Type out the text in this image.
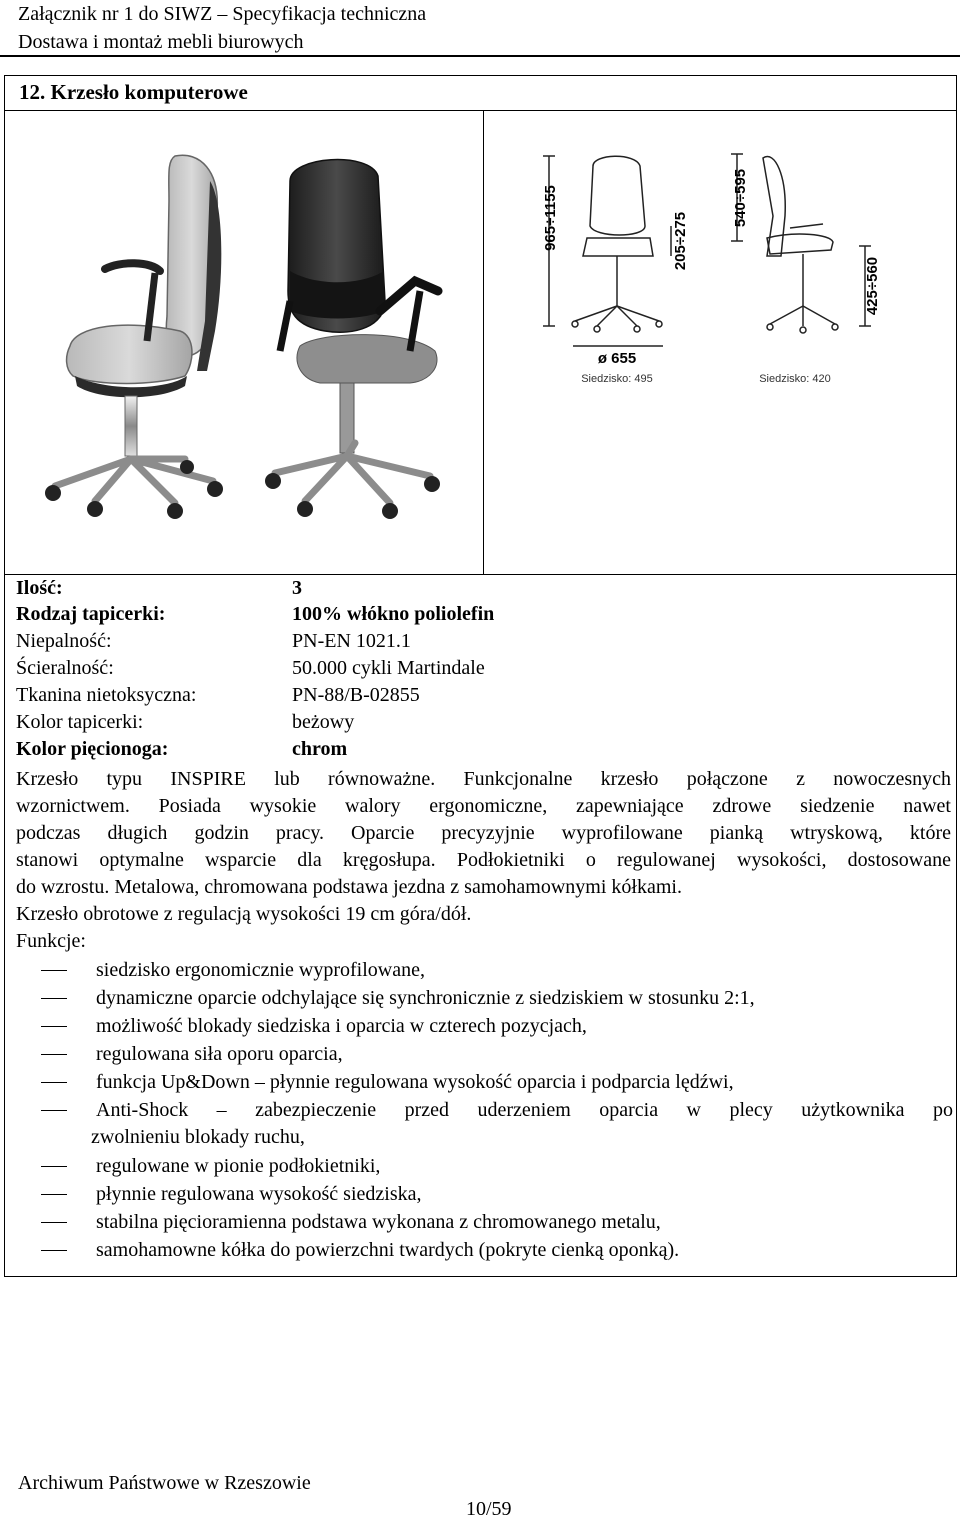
Załącznik nr 1 do SIWZ – Specyfikacja techniczna
Dostawa i montaż mebli biurowych
12. Krzesło komputerowe
965÷1155	205÷275
ø 655
Siedzisko: 495
540÷595
425÷560
Siedzisko: 420
Ilość:	3
Rodzaj tapicerki:	100% włókno poliolefin
Niepalność:	PN-EN 1021.1
Ścieralność:	50.000 cykli Martindale
Tkanina nietoksyczna:	PN-88/B-02855
Kolor tapicerki:	beżowy
Kolor pięcionoga:	chrom
Krzesło typu INSPIRE lub równoważne. Funkcjonalne krzesło połączone z nowoczesnych
wzornictwem. Posiada wysokie walory ergonomiczne, zapewniające zdrowe siedzenie nawet
podczas długich godzin pracy. Oparcie precyzyjnie wyprofilowane pianką wtryskową, które
stanowi optymalne wsparcie dla kręgosłupa. Podłokietniki o regulowanej wysokości, dostosowane
do wzrostu. Metalowa, chromowana podstawa jezdna z samohamownymi kółkami.
Krzesło obrotowe z regulacją wysokości 19 cm góra/dół.
Funkcje:
siedzisko ergonomicznie wyprofilowane,
dynamiczne oparcie odchylające się synchronicznie z siedziskiem w stosunku 2:1,
możliwość blokady siedziska i oparcia w czterech pozycjach,
regulowana siła oporu oparcia,
funkcja Up&Down – płynnie regulowana wysokość oparcia i podparcia lędźwi,
Anti-Shock – zabezpieczenie przed uderzeniem oparcia w plecy użytkownika po
zwolnieniu blokady ruchu,
regulowane w pionie podłokietniki,
płynnie regulowana wysokość siedziska,
stabilna pięcioramienna podstawa wykonana z chromowanego metalu,
samohamowne kółka do powierzchni twardych (pokryte cienką oponką).
Archiwum Państwowe w Rzeszowie
10/59
